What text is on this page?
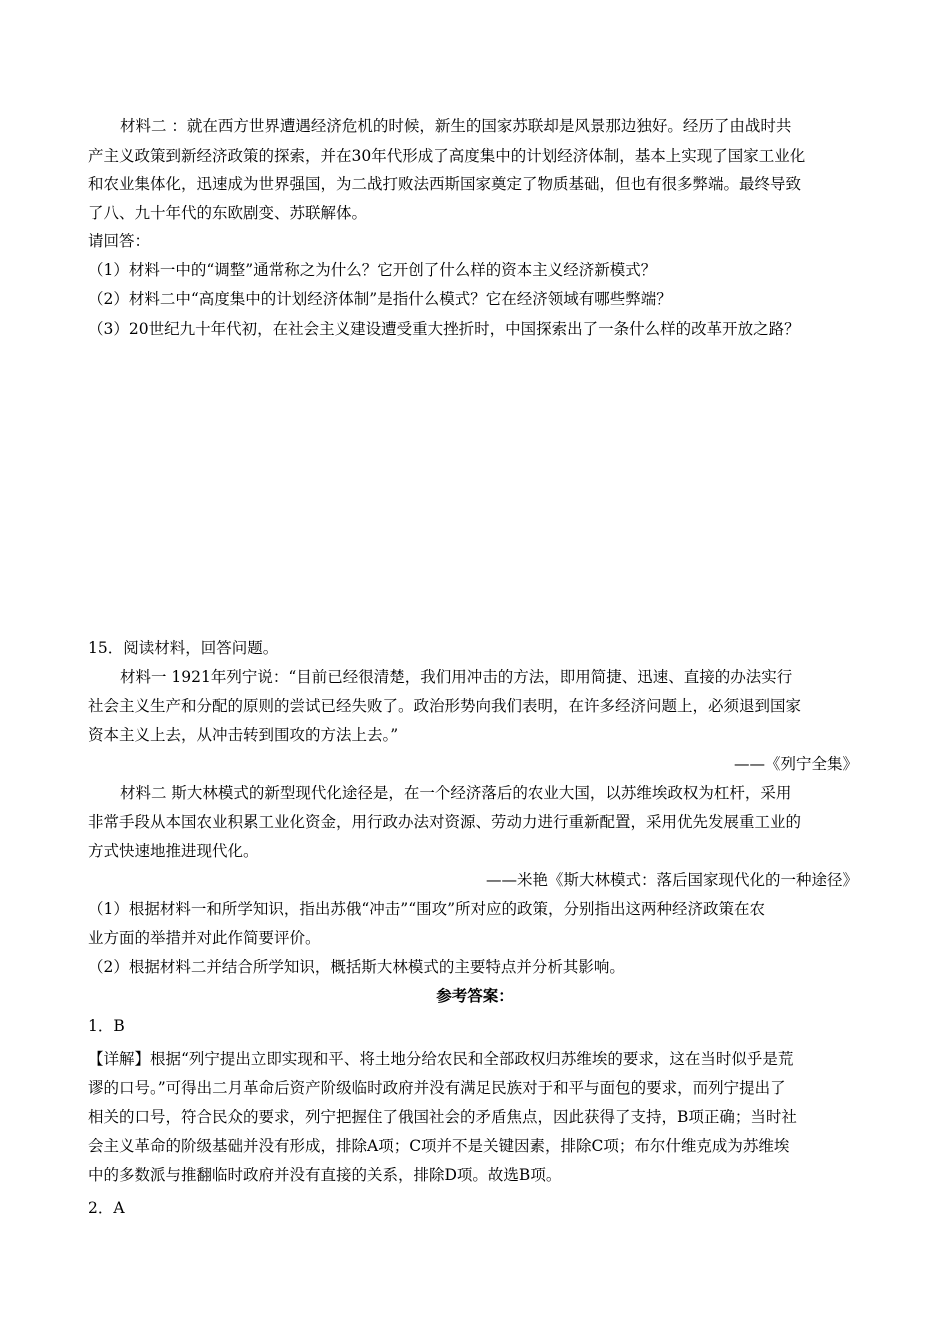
材料二 ：就在西方世界遭遇经济危机的时候，新生的国家苏联却是风景那边独好。经历了由战时共
产主义政策到新经济政策的探索，并在30年代形成了高度集中的计划经济体制，基本上实现了国家工业化
和农业集体化，迅速成为世界强国，为二战打败法西斯国家奠定了物质基础，但也有很多弊端。最终导致
了八、九十年代的东欧剧变、苏联解体。
请回答：
（1）材料一中的“调整”通常称之为什么？它开创了什么样的资本主义经济新模式？
（2）材料二中“高度集中的计划经济体制”是指什么模式？它在经济领域有哪些弊端？
（3）20世纪九十年代初，在社会主义建设遭受重大挫折时，中国探索出了一条什么样的改革开放之路？
15．阅读材料，回答问题。
材料一 1921年列宁说：“目前已经很清楚，我们用冲击的方法，即用简捷、迅速、直接的办法实行
社会主义生产和分配的原则的尝试已经失败了。政治形势向我们表明，在许多经济问题上，必须退到国家
资本主义上去，从冲击转到围攻的方法上去。”
——《列宁全集》
材料二 斯大林模式的新型现代化途径是，在一个经济落后的农业大国，以苏维埃政权为杠杆，采用
非常手段从本国农业积累工业化资金，用行政办法对资源、劳动力进行重新配置，采用优先发展重工业的
方式快速地推进现代化。
——米艳《斯大林模式：落后国家现代化的一种途径》
（1）根据材料一和所学知识，指出苏俄“冲击”“围攻”所对应的政策，分别指出这两种经济政策在农
业方面的举措并对此作简要评价。
（2）根据材料二并结合所学知识，概括斯大林模式的主要特点并分析其影响。
参考答案：
1．B
【详解】根据“列宁提出立即实现和平、将土地分给农民和全部政权归苏维埃的要求，这在当时似乎是荒
谬的口号。”可得出二月革命后资产阶级临时政府并没有满足民族对于和平与面包的要求，而列宁提出了
相关的口号，符合民众的要求，列宁把握住了俄国社会的矛盾焦点，因此获得了支持，B项正确；当时社
会主义革命的阶级基础并没有形成，排除A项；C项并不是关键因素，排除C项；布尔什维克成为苏维埃
中的多数派与推翻临时政府并没有直接的关系，排除D项。故选B项。
2．A
